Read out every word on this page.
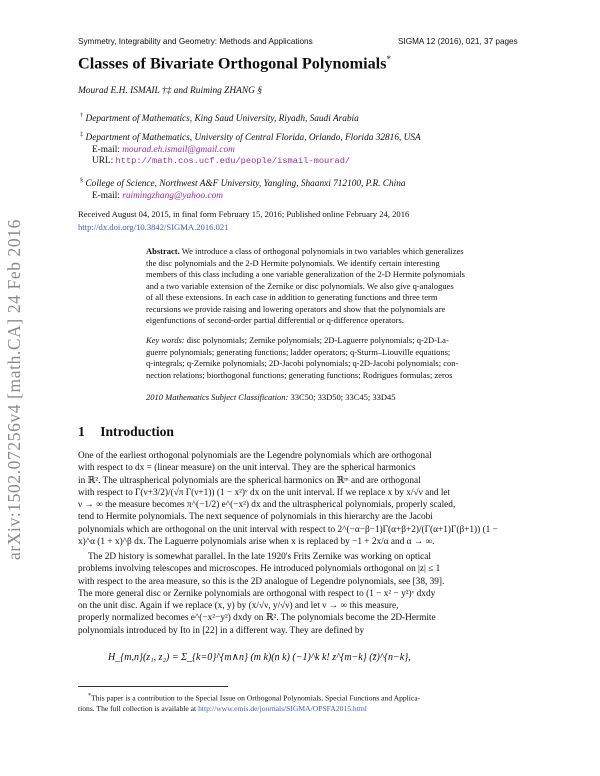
Symmetry, Integrability and Geometry: Methods and Applications	SIGMA 12 (2016), 021, 37 pages
arXiv:1502.07256v4 [math.CA] 24 Feb 2016
Classes of Bivariate Orthogonal Polynomials*
Mourad E.H. ISMAIL †‡ and Ruiming ZHANG §
† Department of Mathematics, King Saud University, Riyadh, Saudi Arabia
‡ Department of Mathematics, University of Central Florida, Orlando, Florida 32816, USA
E-mail: mourad.eh.ismail@gmail.com
URL: http://math.cos.ucf.edu/people/ismail-mourad/
§ College of Science, Northwest A&F University, Yangling, Shaanxi 712100, P.R. China
E-mail: ruimingzhang@yahoo.com
Received August 04, 2015, in final form February 15, 2016; Published online February 24, 2016
http://dx.doi.org/10.3842/SIGMA.2016.021
Abstract. We introduce a class of orthogonal polynomials in two variables which generalizes
the disc polynomials and the 2-D Hermite polynomials. We identify certain interesting
members of this class including a one variable generalization of the 2-D Hermite polynomials
and a two variable extension of the Zernike or disc polynomials. We also give q-analogues
of all these extensions. In each case in addition to generating functions and three term
recursions we provide raising and lowering operators and show that the polynomials are
eigenfunctions of second-order partial differential or q-difference operators.
Key words: disc polynomials; Zernike polynomials; 2D-Laguerre polynomials; q-2D-La-
guerre polynomials; generating functions; ladder operators; q-Sturm–Liouville equations;
q-integrals; q-Zernike polynomials; 2D-Jacobi polynomials; q-2D-Jacobi polynomials; con-
nection relations; biorthogonal functions; generating functions; Rodrigues formulas; zeros
2010 Mathematics Subject Classification: 33C50; 33D50; 33C45; 33D45
1 Introduction
One of the earliest orthogonal polynomials are the Legendre polynomials which are orthogonal
with respect to dx = (linear measure) on the unit interval. They are the spherical harmonics
in ℝ². The ultraspherical polynomials are the spherical harmonics on ℝᵐ and are orthogonal
with respect to Γ(ν+3/2)/(√π Γ(ν+1)) (1 − x²)ᵛ dx on the unit interval. If we replace x by x/√ν and let
ν → ∞ the measure becomes π^(−1/2) e^(−x²) dx and the ultraspherical polynomials, properly scaled,
tend to Hermite polynomials. The next sequence of polynomials in this hierarchy are the Jacobi
polynomials which are orthogonal on the unit interval with respect to 2^(−α−β−1)Γ(α+β+2)/(Γ(α+1)Γ(β+1)) (1 −
x)^α (1 + x)^β dx. The Laguerre polynomials arise when x is replaced by −1 + 2x/α and α → ∞.
The 2D history is somewhat parallel. In the late 1920's Frits Zernike was working on optical
problems involving telescopes and microscopes. He introduced polynomials orthogonal on |z| ≤ 1
with respect to the area measure, so this is the 2D analogue of Legendre polynomials, see [38, 39].
The more general disc or Zernike polynomials are orthogonal with respect to (1 − x² − y²)ᵛ dxdy
on the unit disc. Again if we replace (x, y) by (x/√ν, y/√ν) and let ν → ∞ this measure,
properly normalized becomes e^(−x²−y²) dxdy on ℝ². The polynomials become the 2D-Hermite
polynomials introduced by Ito in [22] in a different way. They are defined by
H_{m,n}(z₁, z₂) = Σ_{k=0}^{m∧n} (m k)(n k) (−1)^k k! z^{m−k} (z̄)^{n−k},
*This paper is a contribution to the Special Issue on Orthogonal Polynomials, Special Functions and Applica-
tions. The full collection is available at http://www.emis.de/journals/SIGMA/OPSFA2015.html
